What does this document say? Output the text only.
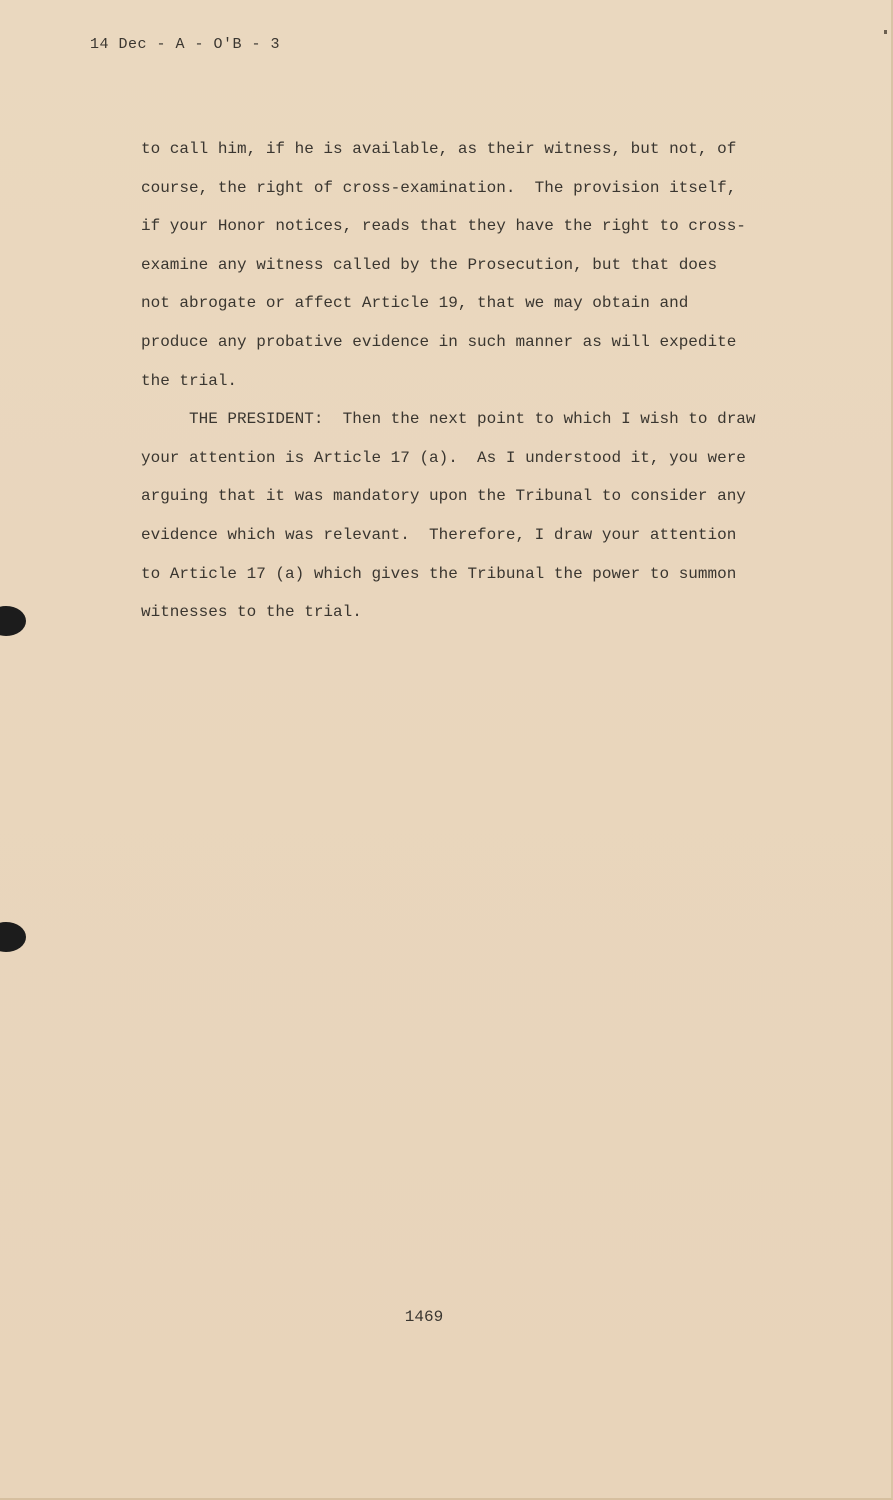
14 Dec - A - O'B - 3
to call him, if he is available, as their witness, but not, of
course, the right of cross-examination.  The provision itself,
if your Honor notices, reads that they have the right to cross-
examine any witness called by the Prosecution, but that does
not abrogate or affect Article 19, that we may obtain and
produce any probative evidence in such manner as will expedite
the trial.
THE PRESIDENT:  Then the next point to which I wish to draw
your attention is Article 17 (a).  As I understood it, you were
arguing that it was mandatory upon the Tribunal to consider any
evidence which was relevant.  Therefore, I draw your attention
to Article 17 (a) which gives the Tribunal the power to summon
witnesses to the trial.
1469
